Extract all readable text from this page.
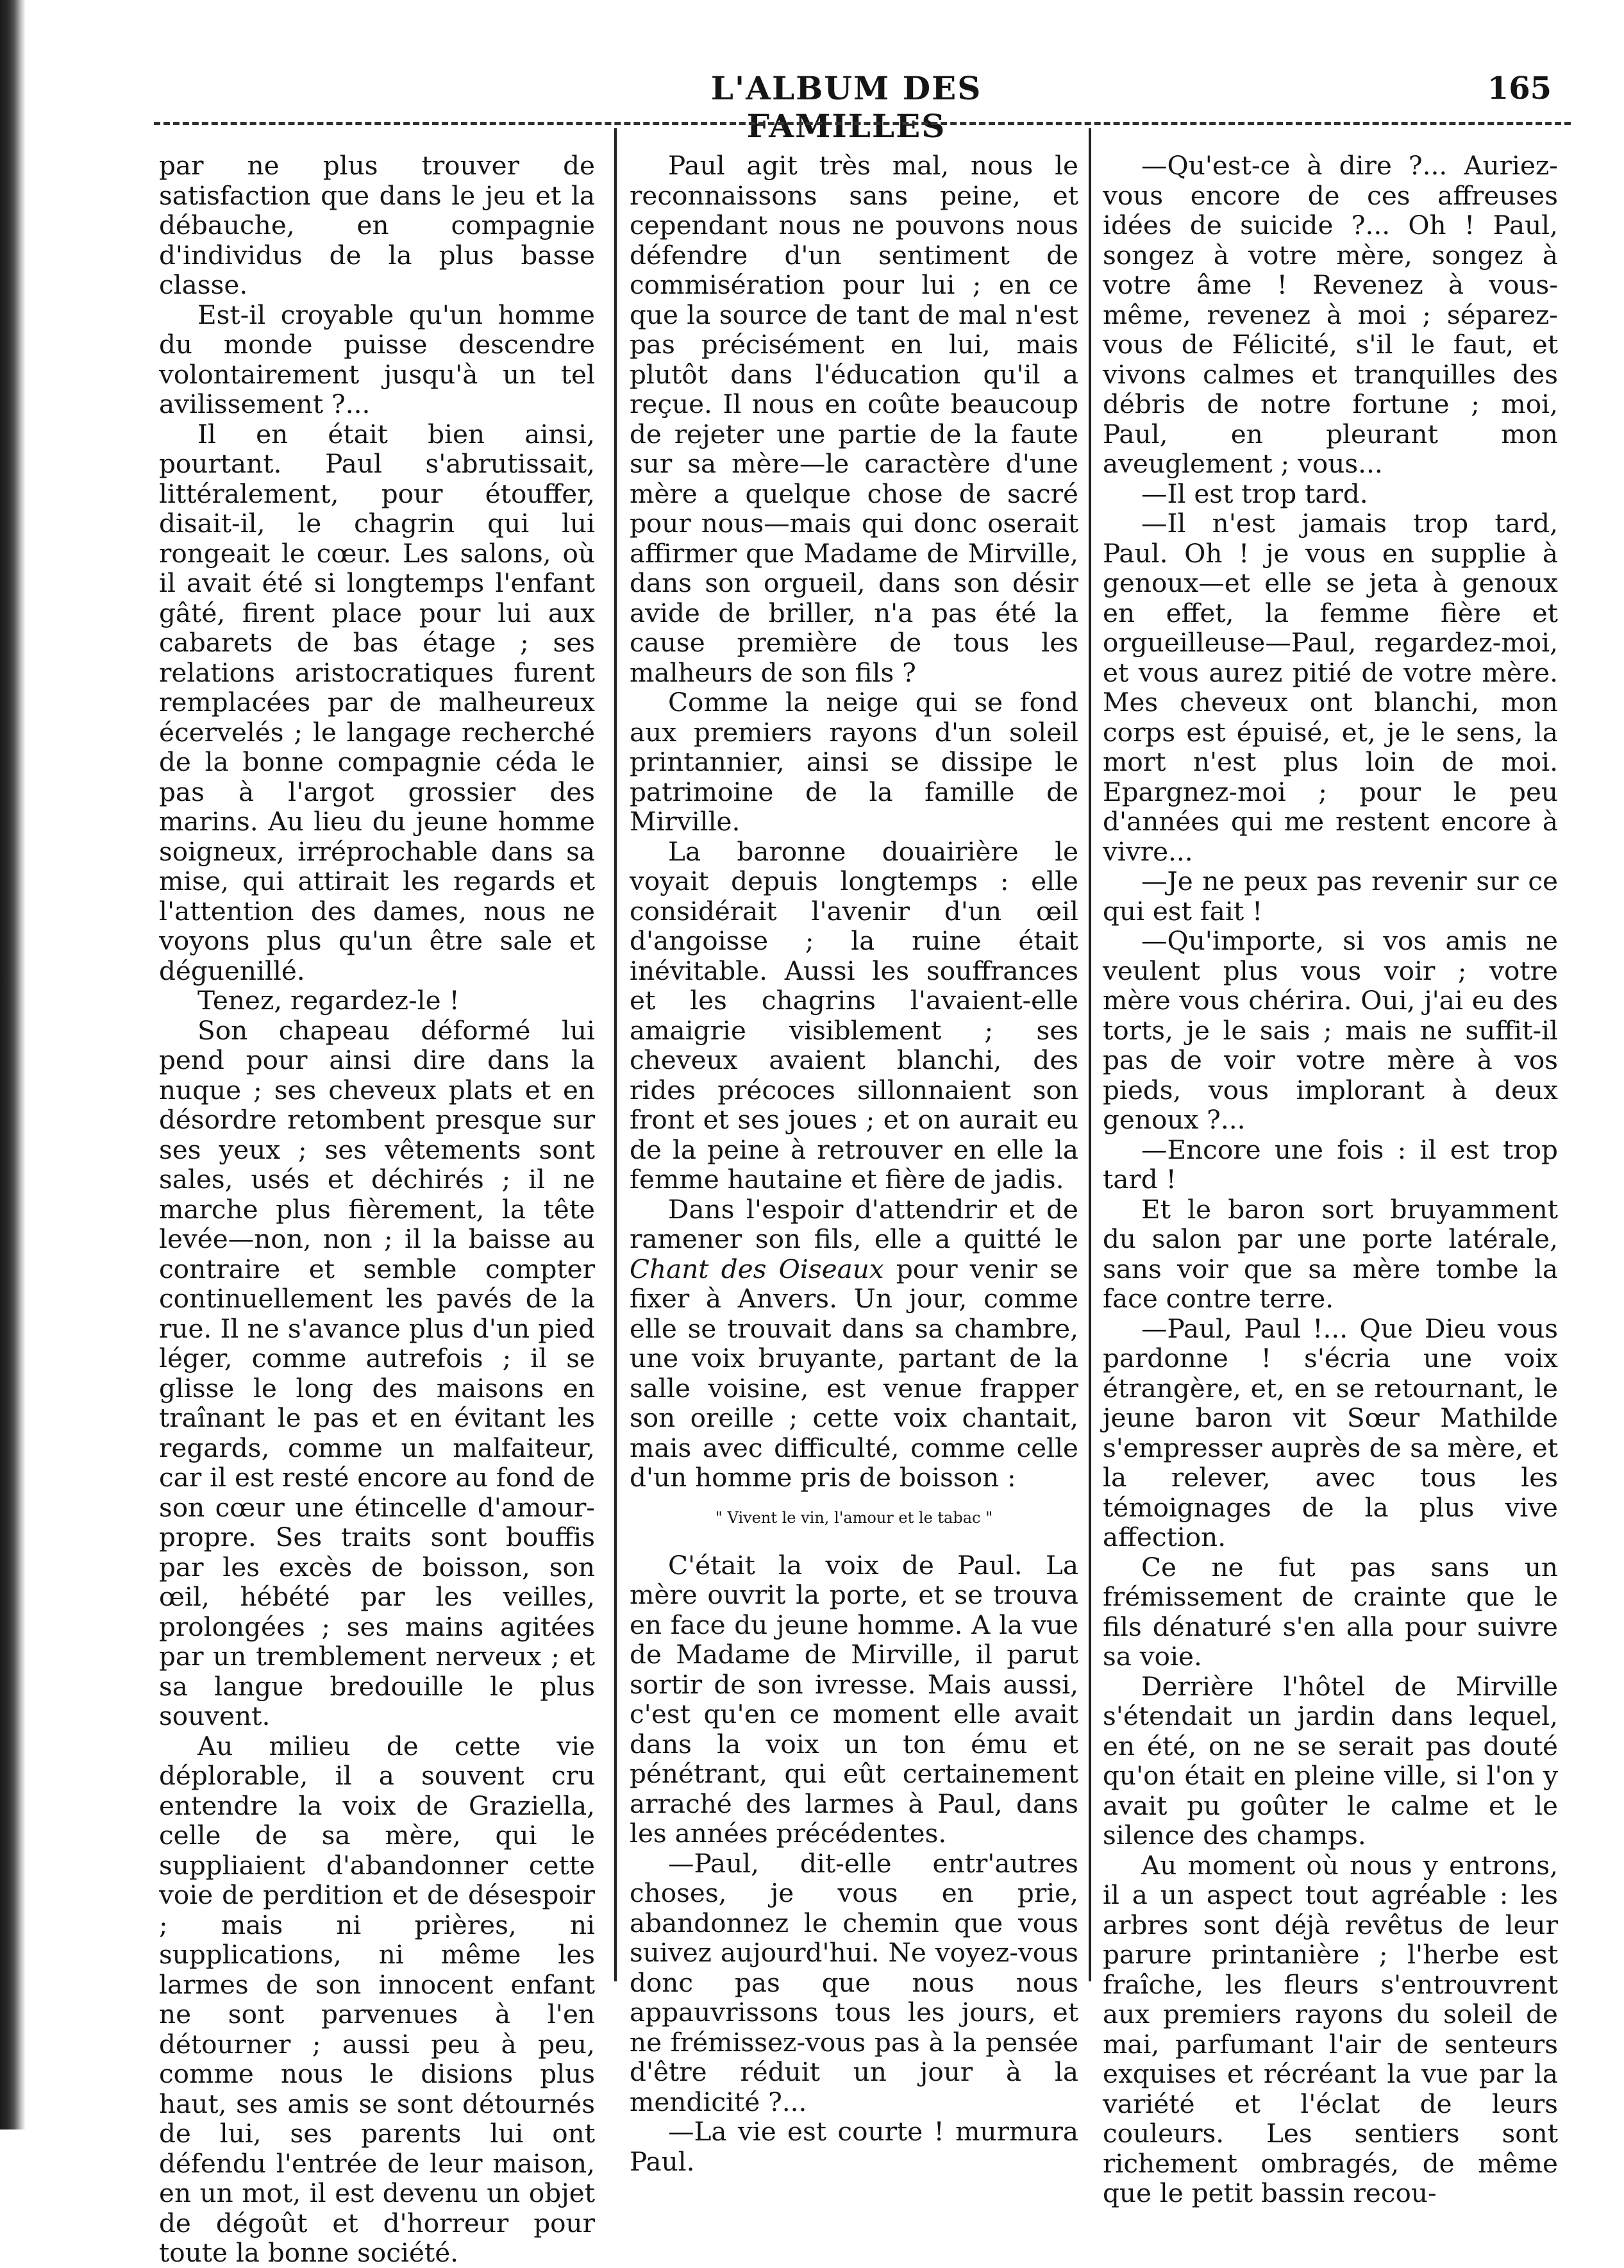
L'ALBUM DES FAMILLES
165

par ne plus trouver de satisfaction que dans le jeu et la débauche, en compagnie d'individus de la plus basse classe.

Est-il croyable qu'un homme du monde puisse descendre volontairement jusqu'à un tel avilissement ?...

Il en était bien ainsi, pourtant. Paul s'abrutissait, littéralement, pour étouffer, disait-il, le chagrin qui lui rongeait le cœur. Les salons, où il avait été si longtemps l'enfant gâté, firent place pour lui aux cabarets de bas étage ; ses relations aristocratiques furent remplacées par de malheureux écervelés ; le langage recherché de la bonne compagnie céda le pas à l'argot grossier des marins. Au lieu du jeune homme soigneux, irréprochable dans sa mise, qui attirait les regards et l'attention des dames, nous ne voyons plus qu'un être sale et déguenillé.

Tenez, regardez-le !

Son chapeau déformé lui pend pour ainsi dire dans la nuque ; ses cheveux plats et en désordre retombent presque sur ses yeux ; ses vêtements sont sales, usés et déchirés ; il ne marche plus fièrement, la tête levée—non, non ; il la baisse au contraire et semble compter continuellement les pavés de la rue. Il ne s'avance plus d'un pied léger, comme autrefois ; il se glisse le long des maisons en traînant le pas et en évitant les regards, comme un malfaiteur, car il est resté encore au fond de son cœur une étincelle d'amour-propre. Ses traits sont bouffis par les excès de boisson, son œil, hébété par les veilles, prolongées ; ses mains agitées par un tremblement nerveux ; et sa langue bredouille le plus souvent.

Au milieu de cette vie déplorable, il a souvent cru entendre la voix de Graziella, celle de sa mère, qui le suppliaient d'abandonner cette voie de perdition et de désespoir ; mais ni prières, ni supplications, ni même les larmes de son innocent enfant ne sont parvenues à l'en détourner ; aussi peu à peu, comme nous le disions plus haut, ses amis se sont détournés de lui, ses parents lui ont défendu l'entrée de leur maison, en un mot, il est devenu un objet de dégoût et d'horreur pour toute la bonne société.

Paul agit très mal, nous le reconnaissons sans peine, et cependant nous ne pouvons nous défendre d'un sentiment de commisération pour lui ; en ce que la source de tant de mal n'est pas précisément en lui, mais plutôt dans l'éducation qu'il a reçue. Il nous en coûte beaucoup de rejeter une partie de la faute sur sa mère—le caractère d'une mère a quelque chose de sacré pour nous—mais qui donc oserait affirmer que Madame de Mirville, dans son orgueil, dans son désir avide de briller, n'a pas été la cause première de tous les malheurs de son fils ?

Comme la neige qui se fond aux premiers rayons d'un soleil printannier, ainsi se dissipe le patrimoine de la famille de Mirville.

La baronne douairière le voyait depuis longtemps : elle considérait l'avenir d'un œil d'angoisse ; la ruine était inévitable. Aussi les souffrances et les chagrins l'avaient-elle amaigrie visiblement ; ses cheveux avaient blanchi, des rides précoces sillonnaient son front et ses joues ; et on aurait eu de la peine à retrouver en elle la femme hautaine et fière de jadis.

Dans l'espoir d'attendrir et de ramener son fils, elle a quitté le Chant des Oiseaux pour venir se fixer à Anvers. Un jour, comme elle se trouvait dans sa chambre, une voix bruyante, partant de la salle voisine, est venue frapper son oreille ; cette voix chantait, mais avec difficulté, comme celle d'un homme pris de boisson :

" Vivent le vin, l'amour et le tabac "

C'était la voix de Paul. La mère ouvrit la porte, et se trouva en face du jeune homme. A la vue de Madame de Mirville, il parut sortir de son ivresse. Mais aussi, c'est qu'en ce moment elle avait dans la voix un ton ému et pénétrant, qui eût certainement arraché des larmes à Paul, dans les années précédentes.

—Paul, dit-elle entr'autres choses, je vous en prie, abandonnez le chemin que vous suivez aujourd'hui. Ne voyez-vous donc pas que nous nous appauvrissons tous les jours, et ne frémissez-vous pas à la pensée d'être réduit un jour à la mendicité ?...

—La vie est courte ! murmura Paul.

—Qu'est-ce à dire ?... Auriez-vous encore de ces affreuses idées de suicide ?... Oh ! Paul, songez à votre mère, songez à votre âme ! Revenez à vous-même, revenez à moi ; séparez-vous de Félicité, s'il le faut, et vivons calmes et tranquilles des débris de notre fortune ; moi, Paul, en pleurant mon aveuglement ; vous...

—Il est trop tard.

—Il n'est jamais trop tard, Paul. Oh ! je vous en supplie à genoux—et elle se jeta à genoux en effet, la femme fière et orgueilleuse—Paul, regardez-moi, et vous aurez pitié de votre mère. Mes cheveux ont blanchi, mon corps est épuisé, et, je le sens, la mort n'est plus loin de moi. Epargnez-moi ; pour le peu d'années qui me restent encore à vivre...

—Je ne peux pas revenir sur ce qui est fait !

—Qu'importe, si vos amis ne veulent plus vous voir ; votre mère vous chérira. Oui, j'ai eu des torts, je le sais ; mais ne suffit-il pas de voir votre mère à vos pieds, vous implorant à deux genoux ?...

—Encore une fois : il est trop tard !

Et le baron sort bruyamment du salon par une porte latérale, sans voir que sa mère tombe la face contre terre.

—Paul, Paul !... Que Dieu vous pardonne ! s'écria une voix étrangère, et, en se retournant, le jeune baron vit Sœur Mathilde s'empresser auprès de sa mère, et la relever, avec tous les témoignages de la plus vive affection.

Ce ne fut pas sans un frémissement de crainte que le fils dénaturé s'en alla pour suivre sa voie.

Derrière l'hôtel de Mirville s'étendait un jardin dans lequel, en été, on ne se serait pas douté qu'on était en pleine ville, si l'on y avait pu goûter le calme et le silence des champs.

Au moment où nous y entrons, il a un aspect tout agréable : les arbres sont déjà revêtus de leur parure printanière ; l'herbe est fraîche, les fleurs s'entrouvrent aux premiers rayons du soleil de mai, parfumant l'air de senteurs exquises et récréant la vue par la variété et l'éclat de leurs couleurs. Les sentiers sont richement ombragés, de même que le petit bassin recou-
